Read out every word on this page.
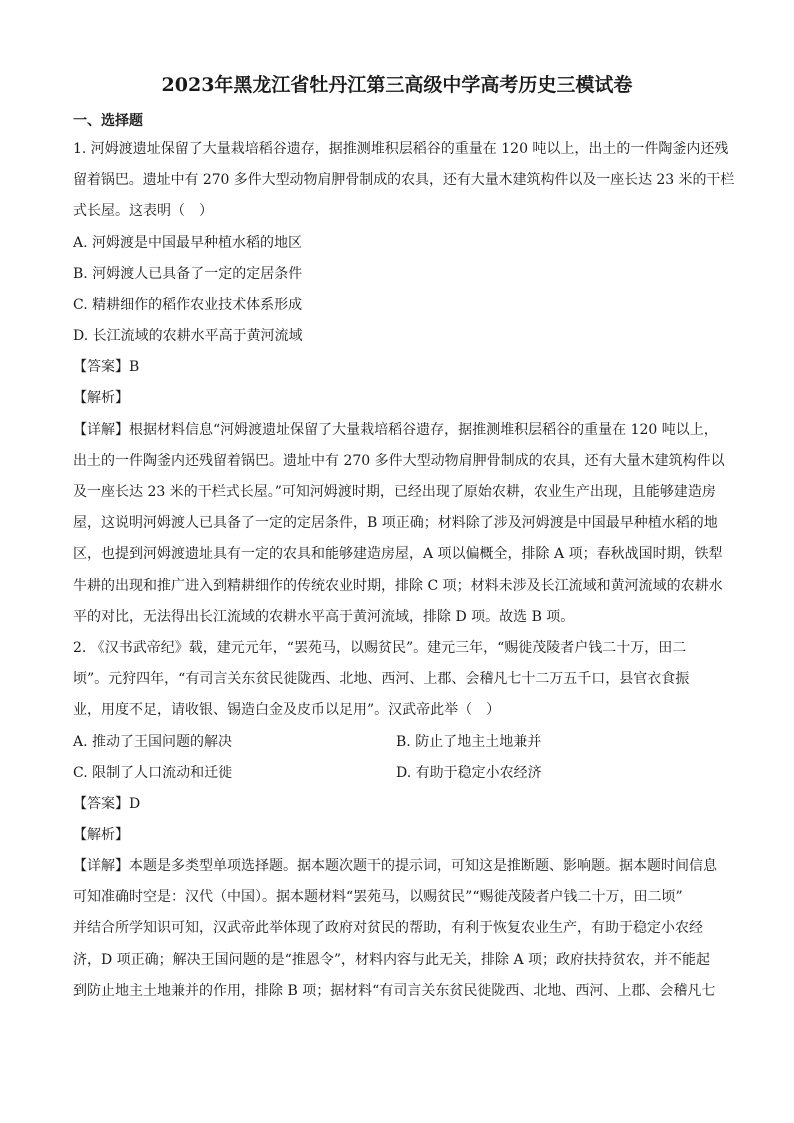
2023年黑龙江省牡丹江第三高级中学高考历史三模试卷
一、选择题
1. 河姆渡遗址保留了大量栽培稻谷遗存，据推测堆积层稻谷的重量在 120 吨以上，出土的一件陶釜内还残
留着锅巴。遗址中有 270 多件大型动物肩胛骨制成的农具，还有大量木建筑构件以及一座长达 23 米的干栏
式长屋。这表明（　）
A. 河姆渡是中国最早种植水稻的地区
B. 河姆渡人已具备了一定的定居条件
C. 精耕细作的稻作农业技术体系形成
D. 长江流域的农耕水平高于黄河流域
【答案】B
【解析】
【详解】根据材料信息“河姆渡遗址保留了大量栽培稻谷遗存，据推测堆积层稻谷的重量在 120 吨以上，
出土的一件陶釜内还残留着锅巴。遗址中有 270 多件大型动物肩胛骨制成的农具，还有大量木建筑构件以
及一座长达 23 米的干栏式长屋。”可知河姆渡时期，已经出现了原始农耕，农业生产出现，且能够建造房
屋，这说明河姆渡人已具备了一定的定居条件，B 项正确；材料除了涉及河姆渡是中国最早种植水稻的地
区，也提到河姆渡遗址具有一定的农具和能够建造房屋，A 项以偏概全，排除 A 项；春秋战国时期，铁犁
牛耕的出现和推广进入到精耕细作的传统农业时期，排除 C 项；材料未涉及长江流域和黄河流域的农耕水
平的对比，无法得出长江流域的农耕水平高于黄河流域，排除 D 项。故选 B 项。
2. 《汉书武帝纪》载，建元元年，“罢苑马，以赐贫民”。建元三年，“赐徙茂陵者户钱二十万，田二
顷”。元狩四年，“有司言关东贫民徙陇西、北地、西河、上郡、会稽凡七十二万五千口，县官衣食振
业，用度不足，请收银、锡造白金及皮币以足用”。汉武帝此举（　）
A. 推动了王国问题的解决	B. 防止了地主土地兼并
C. 限制了人口流动和迁徙	D. 有助于稳定小农经济
【答案】D
【解析】
【详解】本题是多类型单项选择题。据本题次题干的提示词，可知这是推断题、影响题。据本题时间信息
可知准确时空是：汉代（中国）。据本题材料“罢苑马，以赐贫民”“赐徙茂陵者户钱二十万，田二顷”
并结合所学知识可知，汉武帝此举体现了政府对贫民的帮助，有利于恢复农业生产，有助于稳定小农经
济，D 项正确；解决王国问题的是“推恩令”，材料内容与此无关，排除 A 项；政府扶持贫农，并不能起
到防止地主土地兼并的作用，排除 B 项；据材料“有司言关东贫民徙陇西、北地、西河、上郡、会稽凡七
